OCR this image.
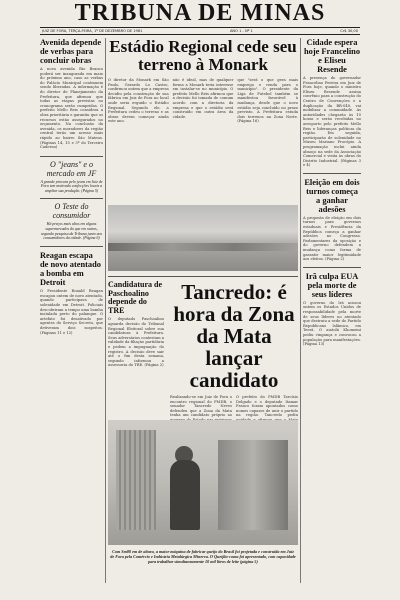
TRIBUNA DE MINAS
JUIZ DE FORA, TERÇA-FEIRA, 1º DE DEZEMBRO DE 1981	ANO 1 - Nº 1	Cr$ 30,00
Avenida depende de verbas para concluir obras

A nova avenida Rio Branco poderá ser inaugurada em maio do próximo ano, caso as verbas do Palácio Municipal continuem sendo liberadas. A informação é do diretor de Planejamento da Prefeitura, que afirmou que todas as etapas previstas no cronograma serão cumpridas. O prefeito Mello Reis considera a obra prioritária e garantiu que os recursos estão assegurados no orçamento. Na conclusão da avenida, os moradores da região central terão um acesso mais rápido ao bairro São Mateus. (Páginas 14, 15 e 3º do Terceiro Caderno)

O "jeans" e o mercado em JF

A grande procura pelo jeans em Juiz de Fora tem motivado confecções locais a ampliar sua produção. (Página 5)

O Teste do consumidor

Há preços mais altos em alguns supermercados do que em outros, segundo pesquisa da Tribuna junto aos consumidores da cidade. (Página 6)

Reagan escapa de novo atentado a bomba em Detroit

O Presidente Ronald Reagan escapou ontem de novo atentado, quando participava de solenidade em Detroit. Policiais descobriram a tempo uma bomba instalada perto do palanque. O artefato foi desativado por agentes do Serviço Secreto, que detiveram dois suspeitos. (Páginas 11 e 12)

Estádio Regional cede seu terreno à Monark

O diretor da Monark em São Paulo, Gerardo Lo Castro, confirmou ontem que a empresa decidiu pela construção de sua fábrica em Juiz de Fora no local onde seria erguido o Estádio Regional. Segundo ele, a Prefeitura cedeu o terreno e as obras devem começar ainda este ano.

não é ideal, mas de qualquer forma a Monark teria interesse em instalar-se no município. O prefeito Mello Reis afirmou que a decisão foi tomada de comum acordo com a diretoria da empresa e que o estádio será construído em outra área da cidade.

que "será o que gera mais emprego e renda para o município". O presidente da Liga de Futebol também se manifestou favorável à mudança, desde que o novo estádio seja concluído no prazo previsto. A Prefeitura estuda dois terrenos na Zona Norte. (Página 16)

Candidatura de Paschoalino depende do TRE

O deputado Paschoalino aguarda decisão do Tribunal Regional Eleitoral sobre sua candidatura à Prefeitura. Seus adversários contestam a validade da filiação partidária e pedem a impugnação do registro. A decisão deve sair até o fim desta semana, segundo informou a assessoria do TRE. (Página 2)

Tancredo: é hora da Zona da Mata lançar candidato

Realizando-se em Juiz de Fora o encontro regional do PMDB, o senador Tancredo Neves defendeu que a Zona da Mata tenha um candidato próprio ao

O prefeito do PMDB Tarcísio Delgado e o deputado Itamar Franco foram apontados como nomes capazes de unir o partido na região. Tancredo pediu

Com Sm80 em de altura, a maior máquina de fabricar queijo do Brasil foi projetada e construída em Juiz de Fora pela Comércio e Indústria Metalúrgica Minerva. O Queijão-coma foi apresentado, com capacidade para trabalhar simultaneamente 10 mil litros de leite (página 5)
Cidade espera hoje Francelino e Eliseu Resende

A presença do governador Francelino Pereira em Juiz de Fora hoje, quando o ministro Eliseu Resende assina convênio para a construção do Centro de Convenções e a duplicação da BR-040, vai mobilizar a comunidade. As autoridades chegarão às 10 horas e serão recebidas no aeroporto pelo prefeito Mello Reis e lideranças políticas da região. Em seguida, participarão de solenidade no Museu Mariano Procópio. A programação inclui ainda almoço na sede da Associação Comercial e visita às obras do Distrito Industrial. (Páginas 3 e 4)

Eleição em dois turnos começa a ganhar adesões

A proposta de eleição em dois turnos para governos estaduais e Presidência da República começa a ganhar adesões no Congresso. Parlamentares da oposição e do governo defendem a mudança como forma de garantir maior legitimidade aos eleitos. (Página 2)

Irã culpa EUA pela morte de seus líderes

O governo do Irã acusou ontem os Estados Unidos de responsabilidade pela morte de seus líderes no atentado que destruiu a sede do Partido Republicano Islâmico, em Teerã. O aiatolá Khomeini pediu vingança e convocou a população para manifestações. (Página 13)
